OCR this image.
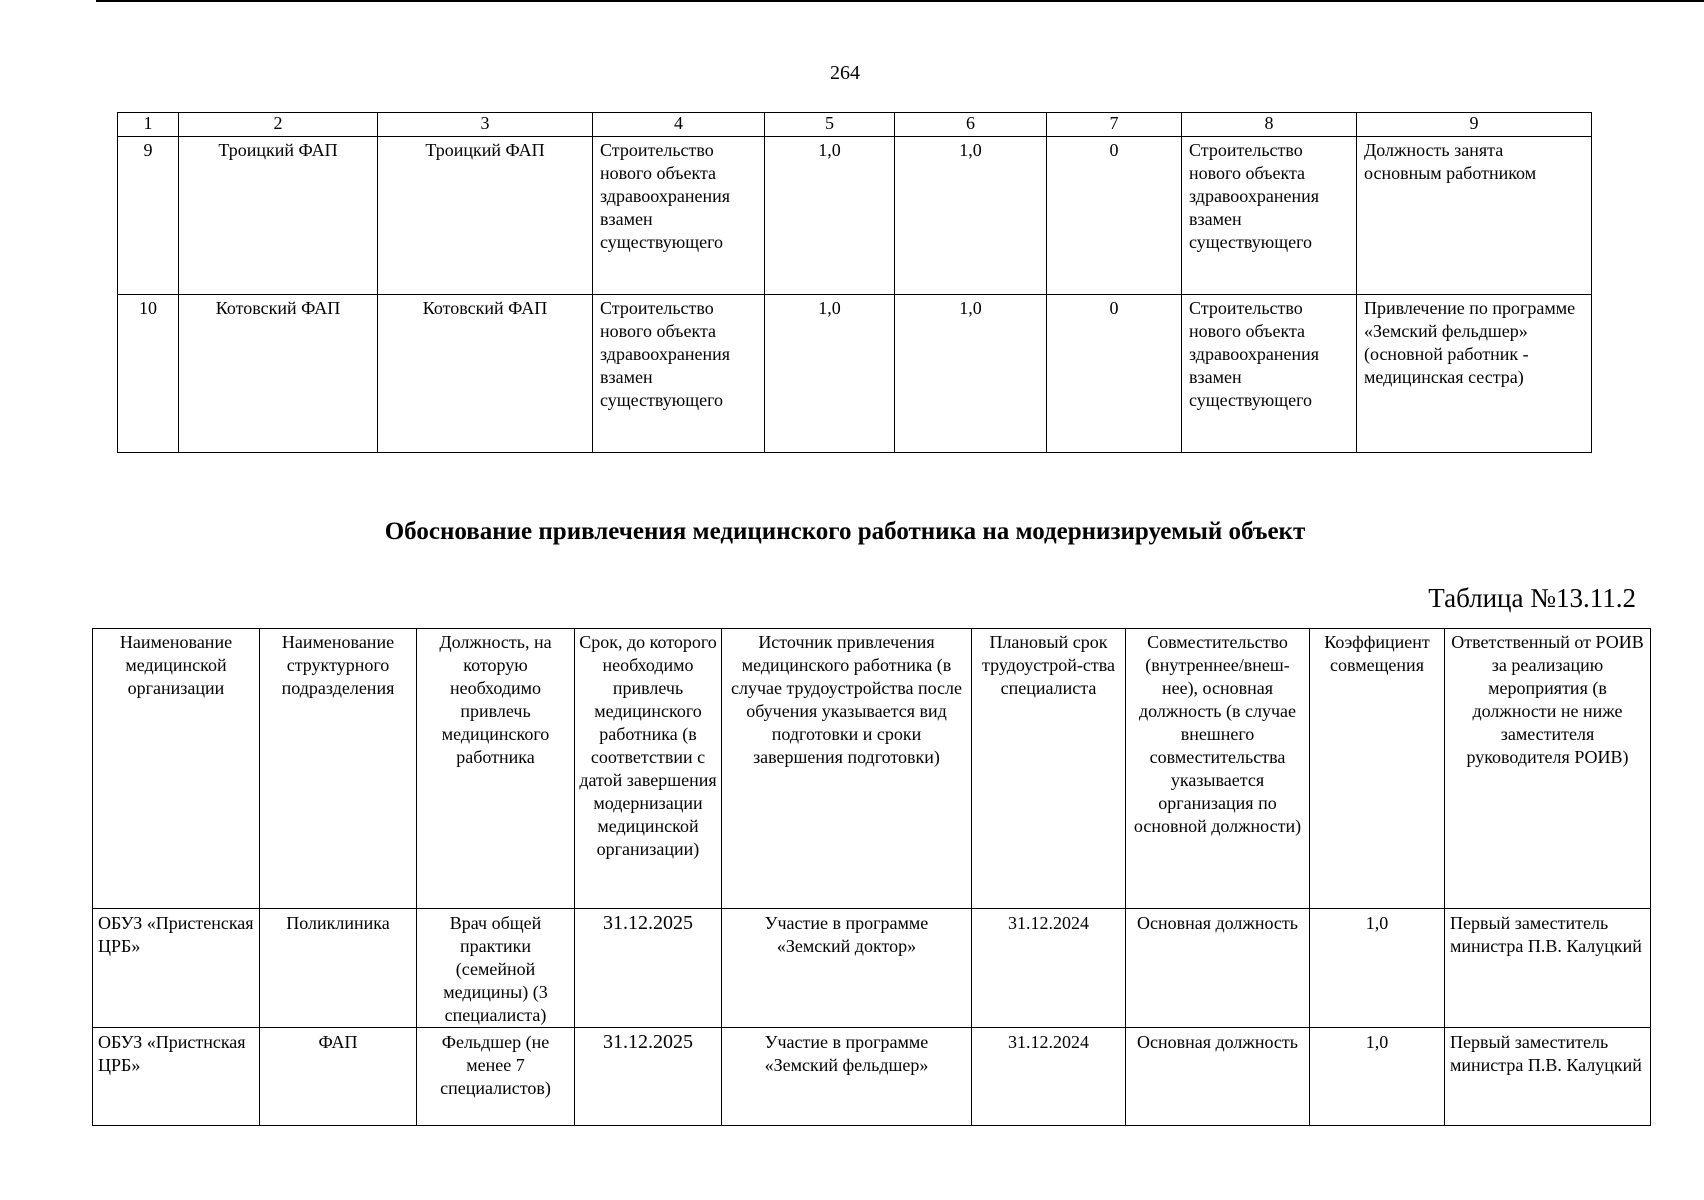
264
1	2	3	4	5	6	7	8	9
9	Троицкий ФАП	Троицкий ФАП	Строительство нового объекта здравоохранения взамен существующего	1,0	1,0	0	Строительство нового объекта здравоохранения взамен существующего	Должность занята основным работником
10	Котовский ФАП	Котовский ФАП	Строительство нового объекта здравоохранения взамен существующего	1,0	1,0	0	Строительство нового объекта здравоохранения взамен существующего	Привлечение по программе «Земский фельдшер» (основной работник - медицинская сестра)
Обоснование привлечения медицинского работника на модернизируемый объект
Таблица №13.11.2
Наименование медицинской организации	Наименование структурного подразделения	Должность, на которую необходимо привлечь медицинского работника	Срок, до которого необходимо привлечь медицинского работника (в соответствии с датой завершения модернизации медицинской организации)	Источник привлечения медицинского работника (в случае трудоустройства после обучения указывается вид подготовки и сроки завершения подготовки)	Плановый срок трудоустрой-ства специалиста	Совместительство (внутреннее/внеш-нее), основная должность (в случае внешнего совместительства указывается организация по основной должности)	Коэффициент совмещения	Ответственный от РОИВ за реализацию мероприятия (в должности не ниже заместителя руководителя РОИВ)
ОБУЗ «Пристенская ЦРБ»	Поликлиника	Врач общей практики (семейной медицины) (3 специалиста)	31.12.2025	Участие в программе «Земский доктор»	31.12.2024	Основная должность	1,0	Первый заместитель министра П.В. Калуцкий
ОБУЗ «Пристнская ЦРБ»	ФАП	Фельдшер (не менее 7 специалистов)	31.12.2025	Участие в программе «Земский фельдшер»	31.12.2024	Основная должность	1,0	Первый заместитель министра П.В. Калуцкий
